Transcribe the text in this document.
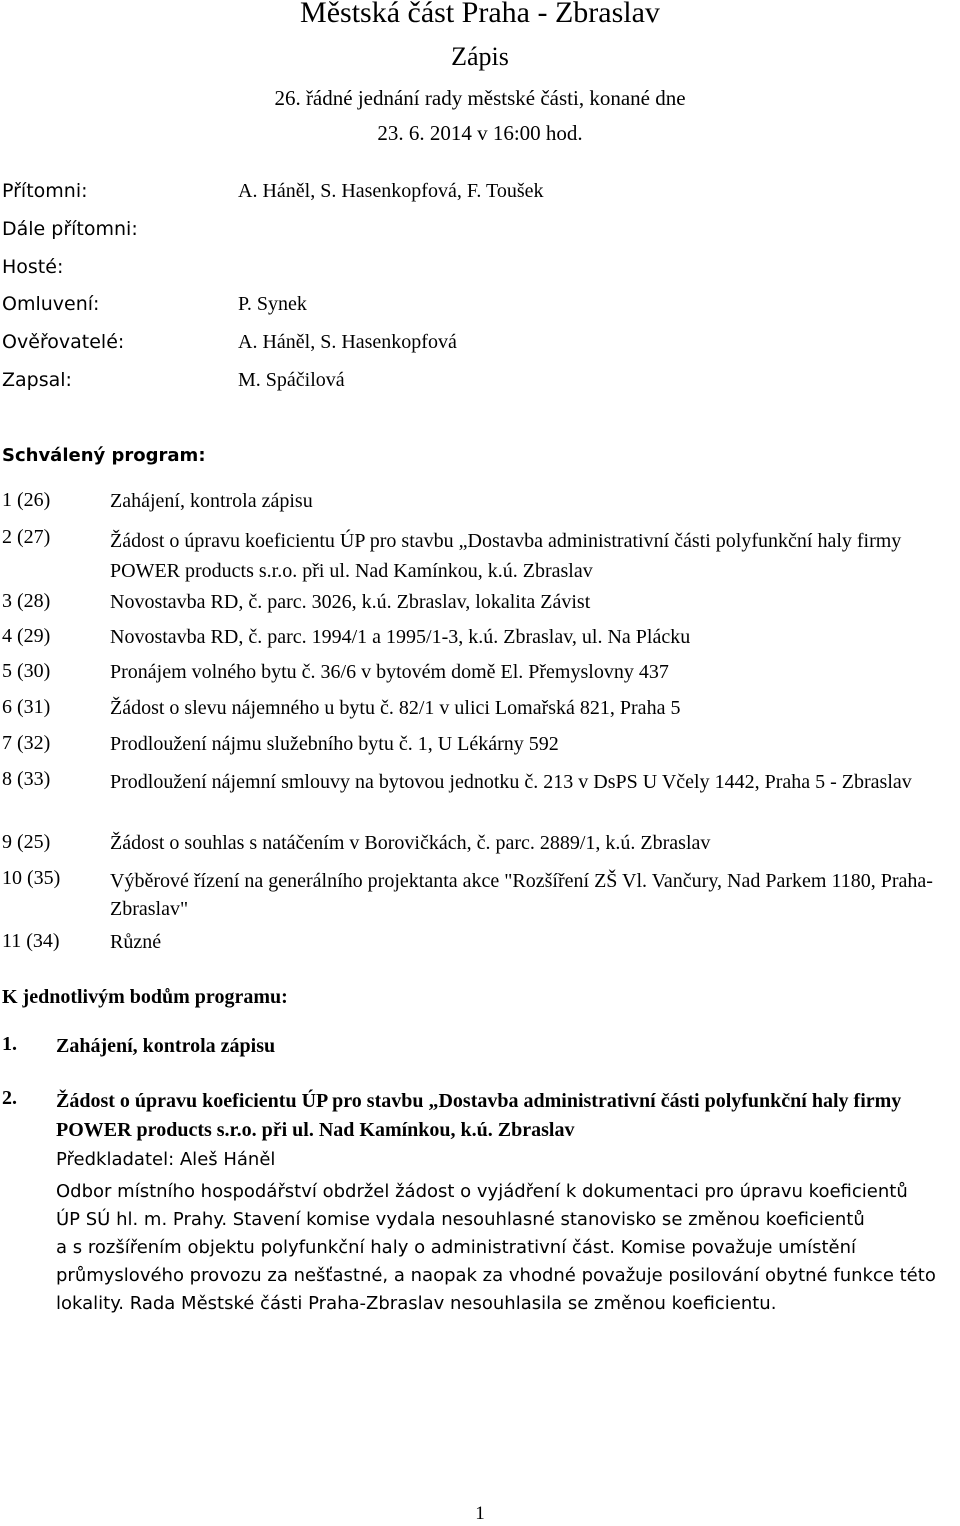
Městská část Praha - Zbraslav
Zápis
26. řádné jednání rady městské části, konané dne
23. 6. 2014 v 16:00 hod.
Přítomni:	A. Háněl, S. Hasenkopfová, F. Toušek
Dále přítomni:
Hosté:
Omluvení:	P. Synek
Ověřovatelé:	A. Háněl, S. Hasenkopfová
Zapsal:	M. Spáčilová
Schválený program:
1 (26)	Zahájení, kontrola zápisu
2 (27)	Žádost o úpravu koeficientu ÚP pro stavbu „Dostavba administrativní části polyfunkční haly firmy POWER products s.r.o. při ul. Nad Kamínkou, k.ú. Zbraslav
3 (28)	Novostavba RD, č. parc. 3026, k.ú. Zbraslav, lokalita Závist
4 (29)	Novostavba RD, č. parc. 1994/1 a 1995/1-3, k.ú. Zbraslav, ul. Na Plácku
5 (30)	Pronájem volného bytu č. 36/6 v bytovém domě El. Přemyslovny 437
6 (31)	Žádost o slevu nájemného u bytu č. 82/1 v ulici Lomařská 821, Praha 5
7 (32)	Prodloužení nájmu služebního bytu č. 1, U Lékárny 592
8 (33)	Prodloužení nájemní smlouvy na bytovou jednotku č. 213 v DsPS U Včely 1442, Praha 5 - Zbraslav
9 (25)	Žádost o souhlas s natáčením v Borovičkách, č. parc. 2889/1, k.ú. Zbraslav
10 (35) Výběrové řízení na generálního projektanta akce "Rozšíření ZŠ Vl. Vančury, Nad Parkem 1180, Praha-Zbraslav"
11 (34)	Různé
K jednotlivým bodům programu:
1. Zahájení, kontrola zápisu
2. Žádost o úpravu koeficientu ÚP pro stavbu „Dostavba administrativní části polyfunkční haly firmy POWER products s.r.o. při ul. Nad Kamínkou, k.ú. Zbraslav
Předkladatel: Aleš Háněl
Odbor místního hospodářství obdržel žádost o vyjádření k dokumentaci pro úpravu koeficientů
ÚP SÚ hl. m. Prahy. Stavení komise vydala nesouhlasné stanovisko se změnou koeficientů
a s rozšířením objektu polyfunkční haly o administrativní část. Komise považuje umístění
průmyslového provozu za nešťastné, a naopak za vhodné považuje posilování obytné funkce této
lokality. Rada Městské části Praha-Zbraslav nesouhlasila se změnou koeficientu.
1
